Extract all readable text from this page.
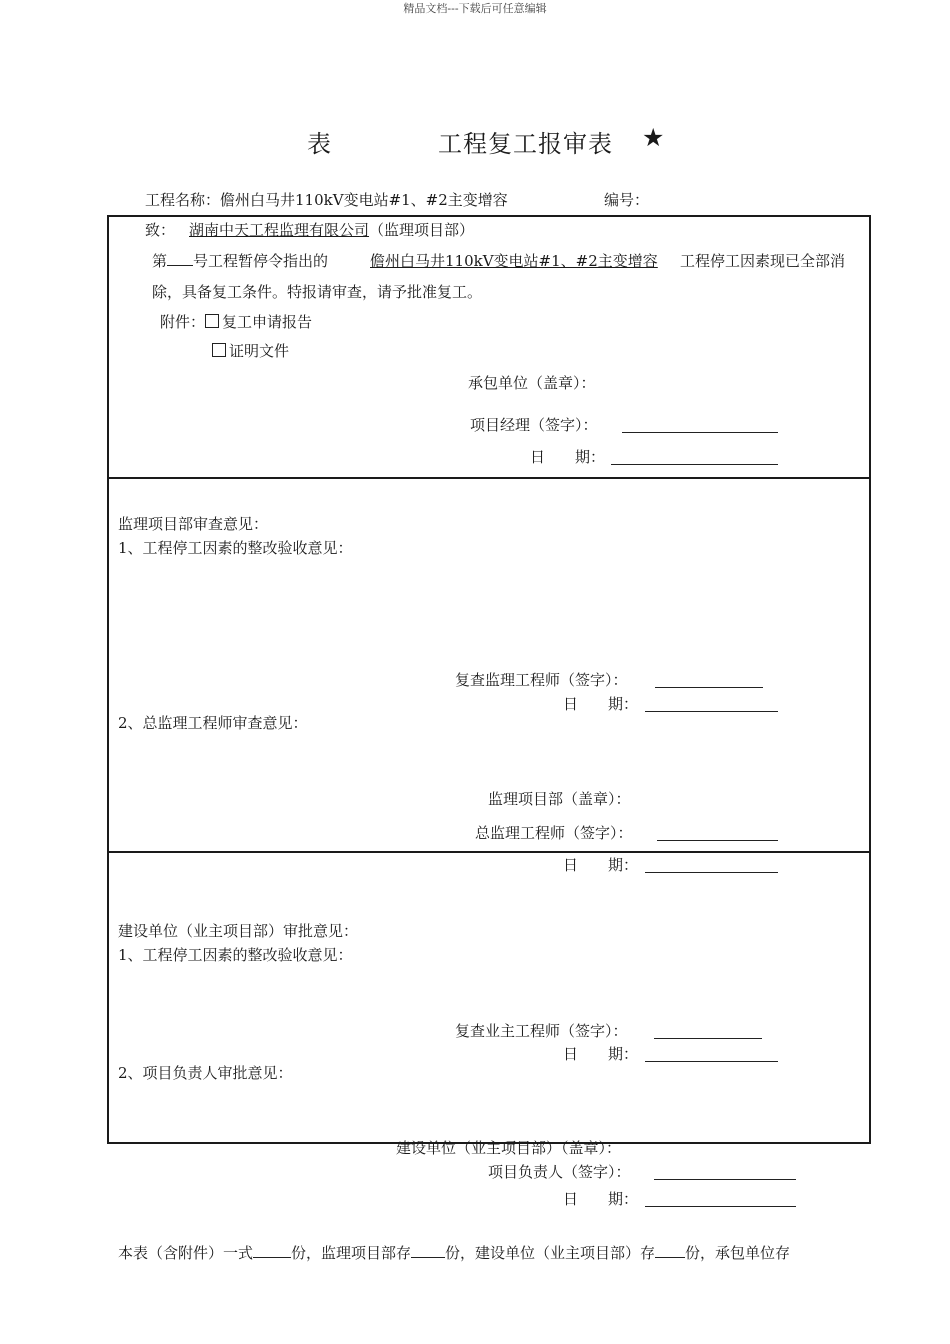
精品文档---下载后可任意编辑
表	工程复工报审表 ★
工程名称：儋州白马井110kV变电站#1、#2主变增容	编号：
致： 湖南中天工程监理有限公司（监理项目部）
第 号工程暂停令指出的	儋州白马井110kV变电站#1、#2主变增容	工程停工因素现已全部消
除，具备复工条件。特报请审查，请予批准复工。
附件： 复工申请报告
证明文件
承包单位（盖章）：
项目经理（签字）：
日　　期：
监理项目部审查意见：
1、工程停工因素的整改验收意见：
复查监理工程师（签字）：
日　　期：
2、总监理工程师审查意见：
监理项目部（盖章）：
总监理工程师（签字）：
日　　期：
建设单位（业主项目部）审批意见：
1、工程停工因素的整改验收意见：
复查业主工程师（签字）：
日　　期：
2、项目负责人审批意见：
建设单位（业主项目部）（盖章）：
项目负责人（签字）：
日　　期：
本表（含附件）一式	份，监理项目部存 份，建设单位（业主项目部）存 份，承包单位存
